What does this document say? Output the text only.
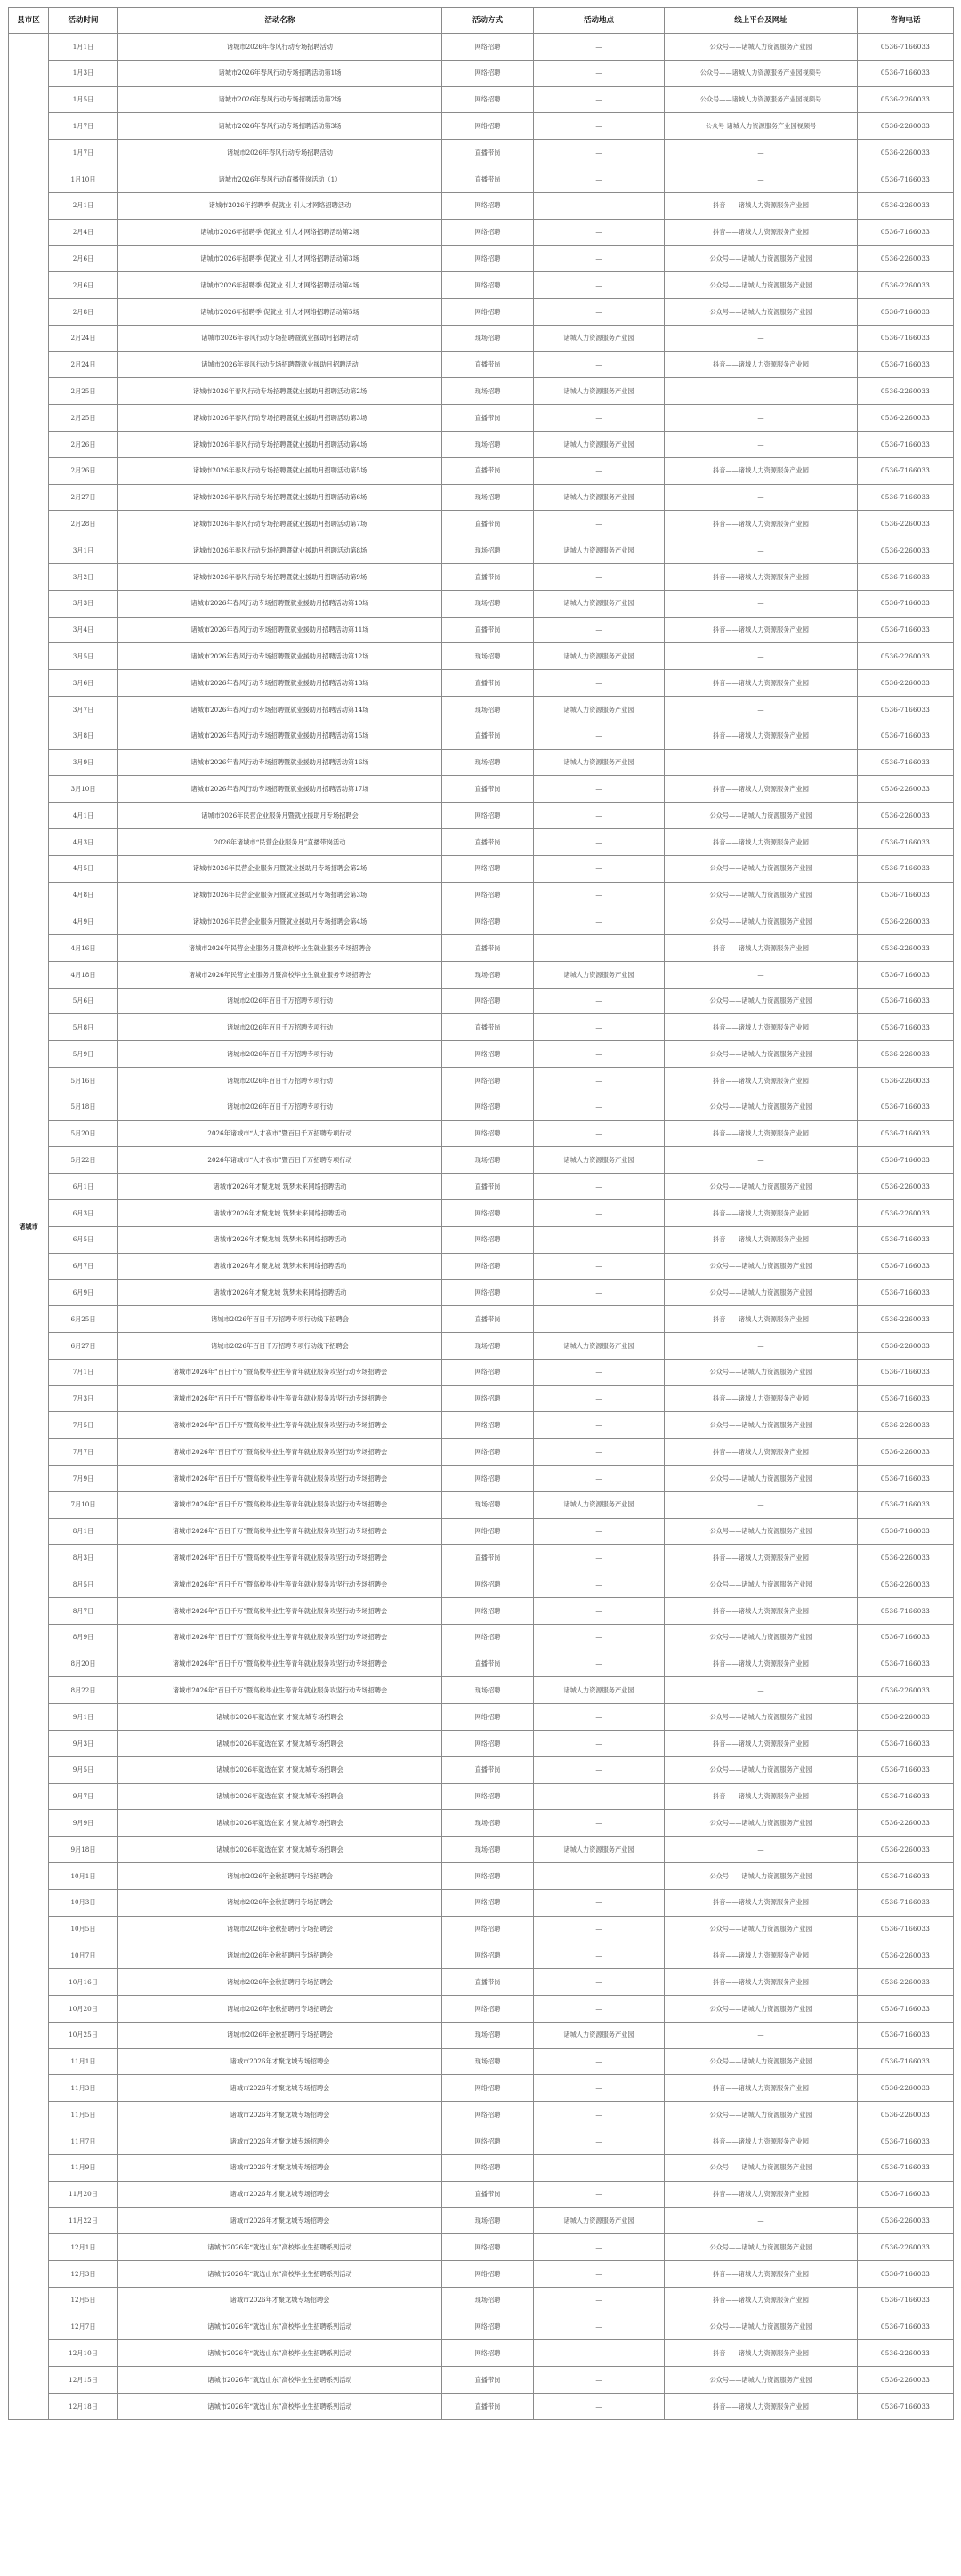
县市区	活动时间	活动名称	活动方式	活动地点	线上平台及网址	咨询电话
诸城市	1月1日	诸城市2026年春风行动专场招聘活动	网络招聘	—	公众号——诸城人力资源服务产业园	0536-7166033
	1月3日	诸城市2026年春风行动专场招聘活动第1场	网络招聘	—	公众号——诸城人力资源服务产业园视频号	0536-7166033
	1月5日	诸城市2026年春风行动专场招聘活动第2场	网络招聘	—	公众号——诸城人力资源服务产业园视频号	0536-2260033
	1月7日	诸城市2026年春风行动专场招聘活动第3场	网络招聘	—	公众号 诸城人力资源服务产业园视频号	0536-2260033
	1月7日	诸城市2026年春风行动专场招聘活动	直播带岗	—	—	0536-2260033
	1月10日	诸城市2026年春风行动直播带岗活动（1）	直播带岗	—	—	0536-7166033
	2月1日	诸城市2026年招聘季 促就业 引人才网络招聘活动	网络招聘	—	抖音——诸城人力资源服务产业园	0536-2260033
	2月4日	诸城市2026年招聘季 促就业 引人才网络招聘活动第2场	网络招聘	—	抖音——诸城人力资源服务产业园	0536-7166033
	2月6日	诸城市2026年招聘季 促就业 引人才网络招聘活动第3场	网络招聘	—	公众号——诸城人力资源服务产业园	0536-2260033
	2月6日	诸城市2026年招聘季 促就业 引人才网络招聘活动第4场	网络招聘	—	公众号——诸城人力资源服务产业园	0536-2260033
	2月8日	诸城市2026年招聘季 促就业 引人才网络招聘活动第5场	网络招聘	—	公众号——诸城人力资源服务产业园	0536-7166033
	2月24日	诸城市2026年春风行动专场招聘暨就业援助月招聘活动	现场招聘	诸城人力资源服务产业园	—	0536-7166033
	2月24日	诸城市2026年春风行动专场招聘暨就业援助月招聘活动	直播带岗	—	抖音——诸城人力资源服务产业园	0536-7166033
	2月25日	诸城市2026年春风行动专场招聘暨就业援助月招聘活动第2场	现场招聘	诸城人力资源服务产业园	—	0536-2260033
	2月25日	诸城市2026年春风行动专场招聘暨就业援助月招聘活动第3场	直播带岗	—	—	0536-2260033
	2月26日	诸城市2026年春风行动专场招聘暨就业援助月招聘活动第4场	现场招聘	诸城人力资源服务产业园	—	0536-7166033
	2月26日	诸城市2026年春风行动专场招聘暨就业援助月招聘活动第5场	直播带岗	—	抖音——诸城人力资源服务产业园	0536-7166033
	2月27日	诸城市2026年春风行动专场招聘暨就业援助月招聘活动第6场	现场招聘	诸城人力资源服务产业园	—	0536-7166033
	2月28日	诸城市2026年春风行动专场招聘暨就业援助月招聘活动第7场	直播带岗	—	抖音——诸城人力资源服务产业园	0536-2260033
	3月1日	诸城市2026年春风行动专场招聘暨就业援助月招聘活动第8场	现场招聘	诸城人力资源服务产业园	—	0536-2260033
	3月2日	诸城市2026年春风行动专场招聘暨就业援助月招聘活动第9场	直播带岗	—	抖音——诸城人力资源服务产业园	0536-7166033
	3月3日	诸城市2026年春风行动专场招聘暨就业援助月招聘活动第10场	现场招聘	诸城人力资源服务产业园	—	0536-7166033
	3月4日	诸城市2026年春风行动专场招聘暨就业援助月招聘活动第11场	直播带岗	—	抖音——诸城人力资源服务产业园	0536-7166033
	3月5日	诸城市2026年春风行动专场招聘暨就业援助月招聘活动第12场	现场招聘	诸城人力资源服务产业园	—	0536-2260033
	3月6日	诸城市2026年春风行动专场招聘暨就业援助月招聘活动第13场	直播带岗	—	抖音——诸城人力资源服务产业园	0536-2260033
	3月7日	诸城市2026年春风行动专场招聘暨就业援助月招聘活动第14场	现场招聘	诸城人力资源服务产业园	—	0536-7166033
	3月8日	诸城市2026年春风行动专场招聘暨就业援助月招聘活动第15场	直播带岗	—	抖音——诸城人力资源服务产业园	0536-7166033
	3月9日	诸城市2026年春风行动专场招聘暨就业援助月招聘活动第16场	现场招聘	诸城人力资源服务产业园	—	0536-7166033
	3月10日	诸城市2026年春风行动专场招聘暨就业援助月招聘活动第17场	直播带岗	—	抖音——诸城人力资源服务产业园	0536-2260033
	4月1日	诸城市2026年民营企业服务月暨就业援助月专场招聘会	网络招聘	—	公众号——诸城人力资源服务产业园	0536-2260033
	4月3日	2026年诸城市“民营企业服务月”直播带岗活动	直播带岗	—	抖音——诸城人力资源服务产业园	0536-7166033
	4月5日	诸城市2026年民营企业服务月暨就业援助月专场招聘会第2场	网络招聘	—	公众号——诸城人力资源服务产业园	0536-7166033
	4月8日	诸城市2026年民营企业服务月暨就业援助月专场招聘会第3场	网络招聘	—	公众号——诸城人力资源服务产业园	0536-7166033
	4月9日	诸城市2026年民营企业服务月暨就业援助月专场招聘会第4场	网络招聘	—	公众号——诸城人力资源服务产业园	0536-2260033
	4月16日	诸城市2026年民营企业服务月暨高校毕业生就业服务专场招聘会	直播带岗	—	抖音——诸城人力资源服务产业园	0536-2260033
	4月18日	诸城市2026年民营企业服务月暨高校毕业生就业服务专场招聘会	现场招聘	诸城人力资源服务产业园	—	0536-7166033
	5月6日	诸城市2026年百日千万招聘专项行动	网络招聘	—	公众号——诸城人力资源服务产业园	0536-7166033
	5月8日	诸城市2026年百日千万招聘专项行动	直播带岗	—	抖音——诸城人力资源服务产业园	0536-7166033
	5月9日	诸城市2026年百日千万招聘专项行动	网络招聘	—	公众号——诸城人力资源服务产业园	0536-2260033
	5月16日	诸城市2026年百日千万招聘专项行动	网络招聘	—	抖音——诸城人力资源服务产业园	0536-2260033
	5月18日	诸城市2026年百日千万招聘专项行动	网络招聘	—	公众号——诸城人力资源服务产业园	0536-7166033
	5月20日	2026年诸城市“人才夜市”暨百日千万招聘专项行动	网络招聘	—	抖音——诸城人力资源服务产业园	0536-7166033
	5月22日	2026年诸城市“人才夜市”暨百日千万招聘专项行动	现场招聘	诸城人力资源服务产业园	—	0536-7166033
	6月1日	诸城市2026年才聚龙城 筑梦未来网络招聘活动	直播带岗	—	公众号——诸城人力资源服务产业园	0536-2260033
	6月3日	诸城市2026年才聚龙城 筑梦未来网络招聘活动	网络招聘	—	抖音——诸城人力资源服务产业园	0536-2260033
	6月5日	诸城市2026年才聚龙城 筑梦未来网络招聘活动	网络招聘	—	抖音——诸城人力资源服务产业园	0536-7166033
	6月7日	诸城市2026年才聚龙城 筑梦未来网络招聘活动	网络招聘	—	公众号——诸城人力资源服务产业园	0536-7166033
	6月9日	诸城市2026年才聚龙城 筑梦未来网络招聘活动	网络招聘	—	公众号——诸城人力资源服务产业园	0536-7166033
	6月25日	诸城市2026年百日千万招聘专项行动线下招聘会	直播带岗	—	抖音——诸城人力资源服务产业园	0536-2260033
	6月27日	诸城市2026年百日千万招聘专项行动线下招聘会	现场招聘	诸城人力资源服务产业园	—	0536-2260033
	7月1日	诸城市2026年“百日千万”暨高校毕业生等青年就业服务攻坚行动专场招聘会	网络招聘	—	公众号——诸城人力资源服务产业园	0536-7166033
	7月3日	诸城市2026年“百日千万”暨高校毕业生等青年就业服务攻坚行动专场招聘会	网络招聘	—	抖音——诸城人力资源服务产业园	0536-7166033
	7月5日	诸城市2026年“百日千万”暨高校毕业生等青年就业服务攻坚行动专场招聘会	网络招聘	—	公众号——诸城人力资源服务产业园	0536-2260033
	7月7日	诸城市2026年“百日千万”暨高校毕业生等青年就业服务攻坚行动专场招聘会	网络招聘	—	抖音——诸城人力资源服务产业园	0536-2260033
	7月9日	诸城市2026年“百日千万”暨高校毕业生等青年就业服务攻坚行动专场招聘会	网络招聘	—	公众号——诸城人力资源服务产业园	0536-7166033
	7月10日	诸城市2026年“百日千万”暨高校毕业生等青年就业服务攻坚行动专场招聘会	现场招聘	诸城人力资源服务产业园	—	0536-7166033
	8月1日	诸城市2026年“百日千万”暨高校毕业生等青年就业服务攻坚行动专场招聘会	网络招聘	—	公众号——诸城人力资源服务产业园	0536-7166033
	8月3日	诸城市2026年“百日千万”暨高校毕业生等青年就业服务攻坚行动专场招聘会	直播带岗	—	抖音——诸城人力资源服务产业园	0536-2260033
	8月5日	诸城市2026年“百日千万”暨高校毕业生等青年就业服务攻坚行动专场招聘会	网络招聘	—	公众号——诸城人力资源服务产业园	0536-2260033
	8月7日	诸城市2026年“百日千万”暨高校毕业生等青年就业服务攻坚行动专场招聘会	网络招聘	—	抖音——诸城人力资源服务产业园	0536-7166033
	8月9日	诸城市2026年“百日千万”暨高校毕业生等青年就业服务攻坚行动专场招聘会	网络招聘	—	公众号——诸城人力资源服务产业园	0536-7166033
	8月20日	诸城市2026年“百日千万”暨高校毕业生等青年就业服务攻坚行动专场招聘会	直播带岗	—	抖音——诸城人力资源服务产业园	0536-7166033
	8月22日	诸城市2026年“百日千万”暨高校毕业生等青年就业服务攻坚行动专场招聘会	现场招聘	诸城人力资源服务产业园	—	0536-2260033
	9月1日	诸城市2026年就选在家 才聚龙城专场招聘会	网络招聘	—	公众号——诸城人力资源服务产业园	0536-2260033
	9月3日	诸城市2026年就选在家 才聚龙城专场招聘会	网络招聘	—	抖音——诸城人力资源服务产业园	0536-7166033
	9月5日	诸城市2026年就选在家 才聚龙城专场招聘会	直播带岗	—	公众号——诸城人力资源服务产业园	0536-7166033
	9月7日	诸城市2026年就选在家 才聚龙城专场招聘会	网络招聘	—	抖音——诸城人力资源服务产业园	0536-7166033
	9月9日	诸城市2026年就选在家 才聚龙城专场招聘会	现场招聘	—	公众号——诸城人力资源服务产业园	0536-2260033
	9月18日	诸城市2026年就选在家 才聚龙城专场招聘会	现场招聘	诸城人力资源服务产业园	—	0536-2260033
	10月1日	诸城市2026年金秋招聘月专场招聘会	网络招聘	—	公众号——诸城人力资源服务产业园	0536-7166033
	10月3日	诸城市2026年金秋招聘月专场招聘会	网络招聘	—	抖音——诸城人力资源服务产业园	0536-7166033
	10月5日	诸城市2026年金秋招聘月专场招聘会	网络招聘	—	公众号——诸城人力资源服务产业园	0536-7166033
	10月7日	诸城市2026年金秋招聘月专场招聘会	网络招聘	—	抖音——诸城人力资源服务产业园	0536-2260033
	10月16日	诸城市2026年金秋招聘月专场招聘会	直播带岗	—	抖音——诸城人力资源服务产业园	0536-2260033
	10月20日	诸城市2026年金秋招聘月专场招聘会	网络招聘	—	公众号——诸城人力资源服务产业园	0536-7166033
	10月25日	诸城市2026年金秋招聘月专场招聘会	现场招聘	诸城人力资源服务产业园	—	0536-7166033
	11月1日	诸城市2026年才聚龙城专场招聘会	现场招聘	—	公众号——诸城人力资源服务产业园	0536-7166033
	11月3日	诸城市2026年才聚龙城专场招聘会	网络招聘	—	抖音——诸城人力资源服务产业园	0536-2260033
	11月5日	诸城市2026年才聚龙城专场招聘会	网络招聘	—	公众号——诸城人力资源服务产业园	0536-2260033
	11月7日	诸城市2026年才聚龙城专场招聘会	网络招聘	—	抖音——诸城人力资源服务产业园	0536-7166033
	11月9日	诸城市2026年才聚龙城专场招聘会	网络招聘	—	公众号——诸城人力资源服务产业园	0536-7166033
	11月20日	诸城市2026年才聚龙城专场招聘会	直播带岗	—	抖音——诸城人力资源服务产业园	0536-7166033
	11月22日	诸城市2026年才聚龙城专场招聘会	现场招聘	诸城人力资源服务产业园	—	0536-2260033
	12月1日	诸城市2026年“就选山东”高校毕业生招聘系列活动	网络招聘	—	公众号——诸城人力资源服务产业园	0536-2260033
	12月3日	诸城市2026年“就选山东”高校毕业生招聘系列活动	网络招聘	—	抖音——诸城人力资源服务产业园	0536-7166033
	12月5日	诸城市2026年才聚龙城专场招聘会	现场招聘	—	抖音——诸城人力资源服务产业园	0536-7166033
	12月7日	诸城市2026年“就选山东”高校毕业生招聘系列活动	网络招聘	—	公众号——诸城人力资源服务产业园	0536-7166033
	12月10日	诸城市2026年“就选山东”高校毕业生招聘系列活动	网络招聘	—	抖音——诸城人力资源服务产业园	0536-2260033
	12月15日	诸城市2026年“就选山东”高校毕业生招聘系列活动	直播带岗	—	公众号——诸城人力资源服务产业园	0536-2260033
	12月18日	诸城市2026年“就选山东”高校毕业生招聘系列活动	直播带岗	—	抖音——诸城人力资源服务产业园	0536-7166033
